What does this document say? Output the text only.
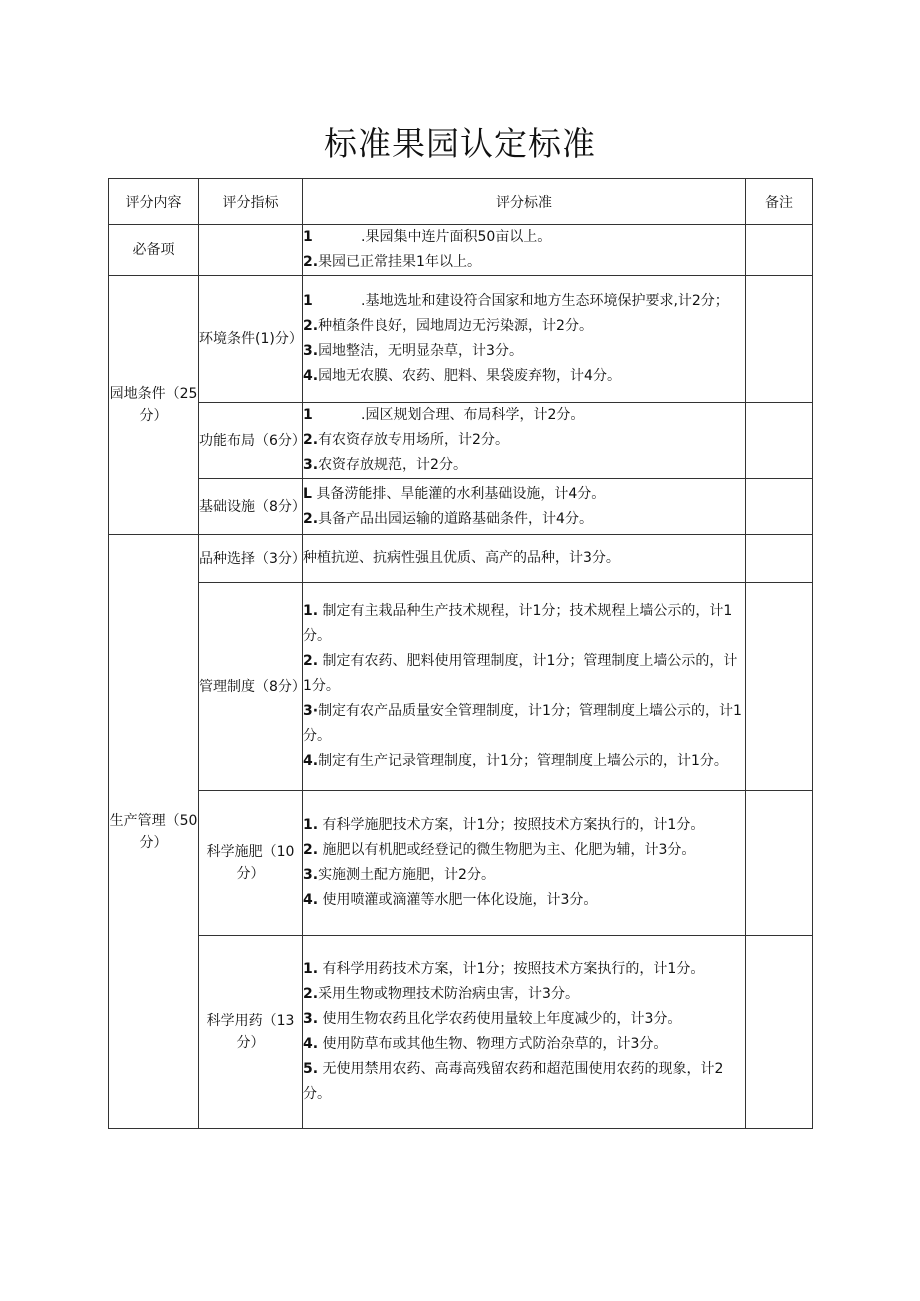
标准果园认定标准
评分内容	评分指标	评分标准	备注
必备项		1 .果园集中连片面积50亩以上。
2.果园已正常挂果1年以上。	

园地条件（25分）	环境条件(1)分）	1 .基地选址和建设符合国家和地方生态环境保护要求,计2分；
2.种植条件良好，园地周边无污染源，计2分。
3.园地整洁，无明显杂草，计3分。
4.园地无农膜、农药、肥料、果袋废弃物，计4分。	

	功能布局（6分）	1 .园区规划合理、布局科学，计2分。
2.有农资存放专用场所，计2分。
3.农资存放规范，计2分。	

	基础设施（8分）	L 具备涝能排、旱能灌的水利基础设施，计4分。
2.具备产品出园运输的道路基础条件，计4分。	

生产管理（50分）	品种选择（3分）	种植抗逆、抗病性强且优质、高产的品种，计3分。	

	管理制度（8分）	1. 制定有主栽品种生产技术规程，计1分；技术规程上墙公示的，计1分。
2. 制定有农药、肥料使用管理制度，计1分；管理制度上墙公示的，计1分。
3·制定有农产品质量安全管理制度，计1分；管理制度上墙公示的，计1分。
4.制定有生产记录管理制度，计1分；管理制度上墙公示的，计1分。	

	科学施肥（10分）	1. 有科学施肥技术方案，计1分；按照技术方案执行的，计1分。
2. 施肥以有机肥或经登记的微生物肥为主、化肥为辅，计3分。
3.实施测土配方施肥，计2分。
4. 使用喷灌或滴灌等水肥一体化设施，计3分。	

	科学用药（13分）	1. 有科学用药技术方案，计1分；按照技术方案执行的，计1分。
2.采用生物或物理技术防治病虫害，计3分。
3. 使用生物农药且化学农药使用量较上年度减少的，计3分。
4. 使用防草布或其他生物、物理方式防治杂草的，计3分。
5. 无使用禁用农药、高毒高残留农药和超范围使用农药的现象，计2分。	
